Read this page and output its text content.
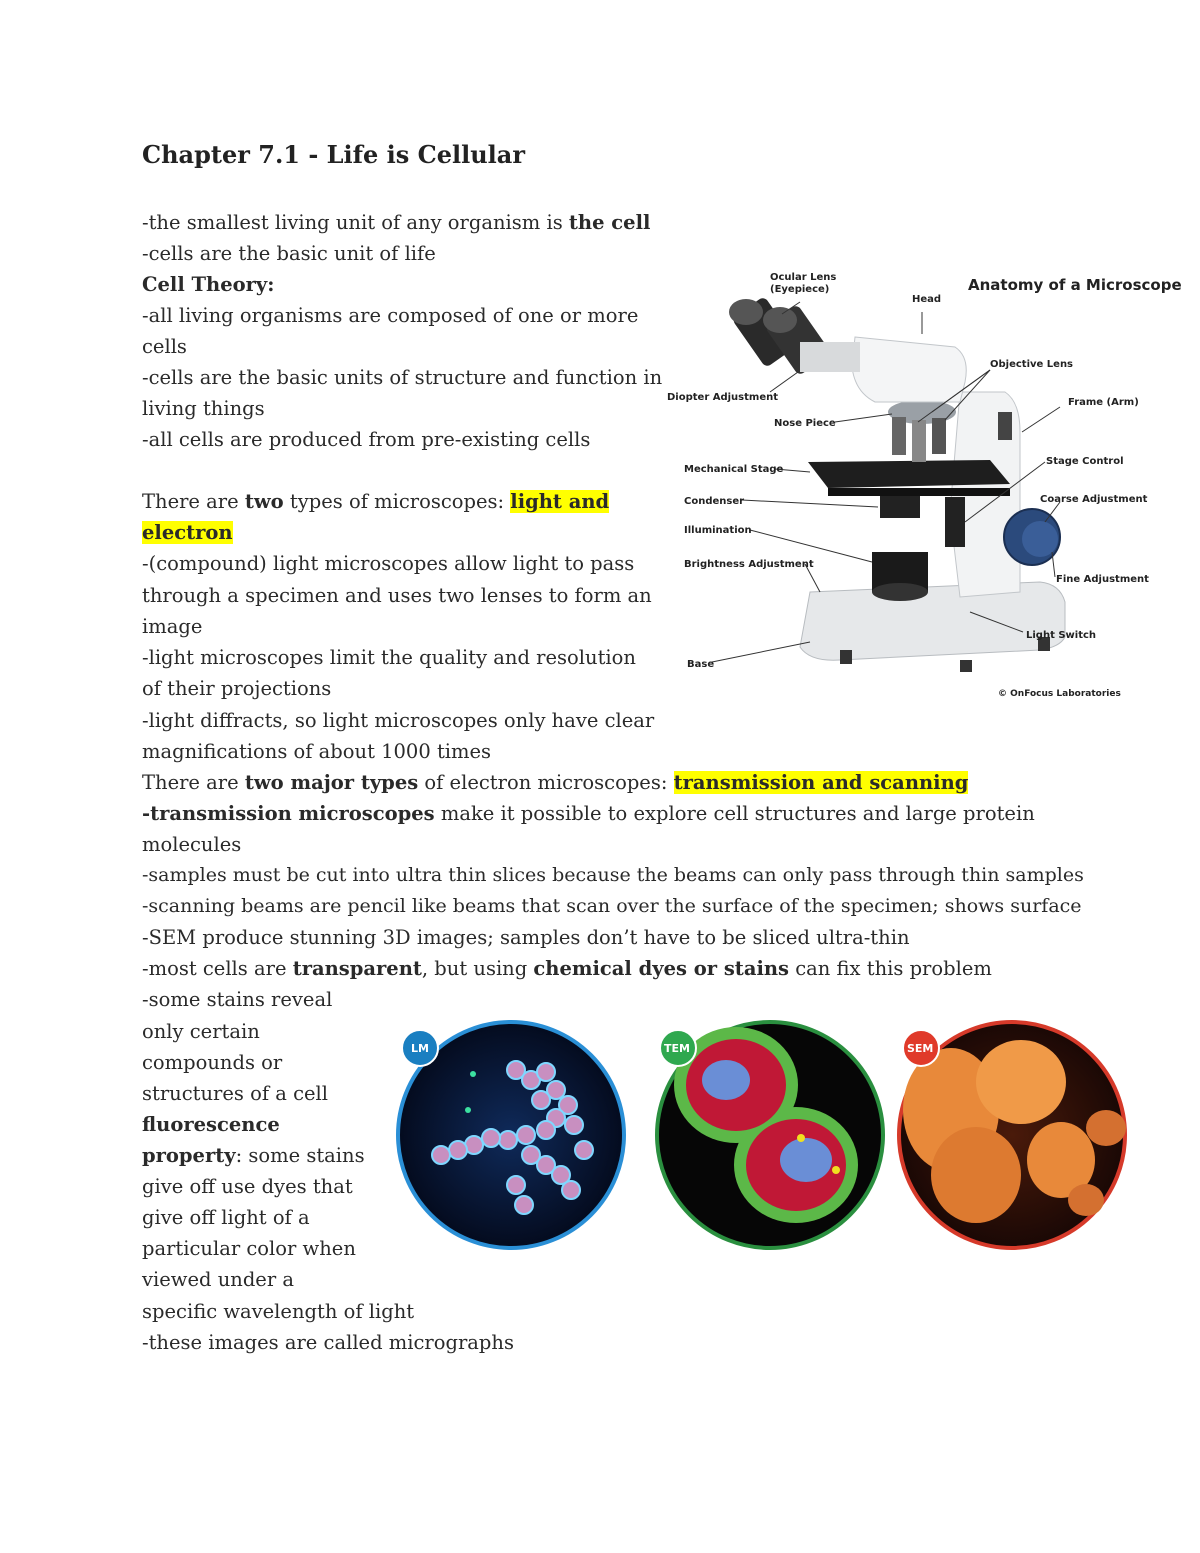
Chapter 7.1 - Life is Cellular
-the smallest living unit of any organism is the cell
-cells are the basic unit of life
Cell Theory:
-all living organisms are composed of one or more
cells
-cells are the basic units of structure and function in
living things
-all cells are produced from pre-existing cells
There are two types of microscopes: light and
electron
-(compound) light microscopes allow light to pass
through a specimen and uses two lenses to form an
image
-light microscopes limit the quality and resolution
of their projections
-light diffracts, so light microscopes only have clear
magnifications of about 1000 times
There are two major types of electron microscopes: transmission and scanning
-transmission microscopes make it possible to explore cell structures and large protein
molecules
-samples must be cut into ultra thin slices because the beams can only pass through thin samples
-scanning beams are pencil like beams that scan over the surface of the specimen; shows surface
-SEM produce stunning 3D images; samples don’t have to be sliced ultra-thin
-most cells are transparent, but using chemical dyes or stains can fix this problem
-some stains reveal
only certain
compounds or
structures of a cell
fluorescence
property: some stains
give off use dyes that
give off light of a
particular color when
viewed under a
specific wavelength of light
-these images are called micrographs
Anatomy of a Microscope
Ocular Lens
(Eyepiece)
Head
Objective Lens
Diopter Adjustment	Frame (Arm)
Nose Piece
Stage Control
Mechanical Stage
Coarse Adjustment
Condenser
Illumination
Brightness Adjustment
Fine Adjustment
Light Switch
Base
© OnFocus Laboratories
LM	TEM	SEM
